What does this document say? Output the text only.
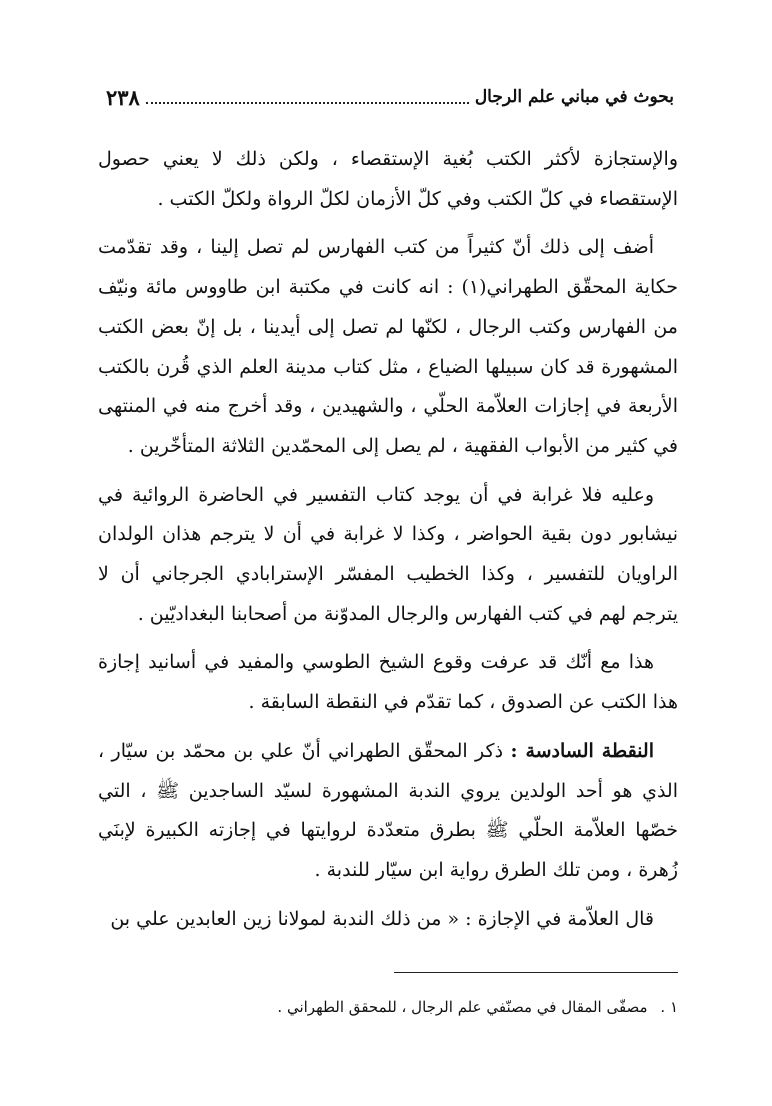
بحوث في مباني علم الرجال
٢٣٨

والإستجازة لأكثر الكتب بُغية الإستقصاء ، ولكن ذلك لا يعني حصول الإستقصاء في كلّ الكتب وفي كلّ الأزمان لكلّ الرواة ولكلّ الكتب .

أضف إلى ذلك أنّ كثيراً من كتب الفهارس لم تصل إلينا ، وقد تقدّمت حكاية المحقّق الطهراني(١) : انه كانت في مكتبة ابن طاووس مائة ونيّف من الفهارس وكتب الرجال ، لكنّها لم تصل إلى أيدينا ، بل إنّ بعض الكتب المشهورة قد كان سبيلها الضياع ، مثل كتاب مدينة العلم الذي قُرن بالكتب الأربعة في إجازات العلاّمة الحلّي ، والشهيدين ، وقد أخرج منه في المنتهى في كثير من الأبواب الفقهية ، لم يصل إلى المحمّدين الثلاثة المتأخّرين .

وعليه فلا غرابة في أن يوجد كتاب التفسير في الحاضرة الروائية في نيشابور دون بقية الحواضر ، وكذا لا غرابة في أن لا يترجم هذان الولدان الراويان للتفسير ، وكذا الخطيب المفسّر الإسترابادي الجرجاني أن لا يترجم لهم في كتب الفهارس والرجال المدوّنة من أصحابنا البغداديّين .

هذا مع أنّك قد عرفت وقوع الشيخ الطوسي والمفيد في أسانيد إجازة هذا الكتب عن الصدوق ، كما تقدّم في النقطة السابقة .

النقطة السادسة : ذكر المحقّق الطهراني أنّ علي بن محمّد بن سيّار ، الذي هو أحد الولدين يروي الندبة المشهورة لسيّد الساجدين ﷺ ، التي خصّها العلاّمة الحلّي ﷺ بطرق متعدّدة لروايتها في إجازته الكبيرة لإبنَي زُهرة ، ومن تلك الطرق رواية ابن سيّار للندبة .

قال العلاّمة في الإجازة : « من ذلك الندبة لمولانا زين العابدين علي بن

١ . مصفّى المقال في مصنّفي علم الرجال ، للمحقق الطهراني .
